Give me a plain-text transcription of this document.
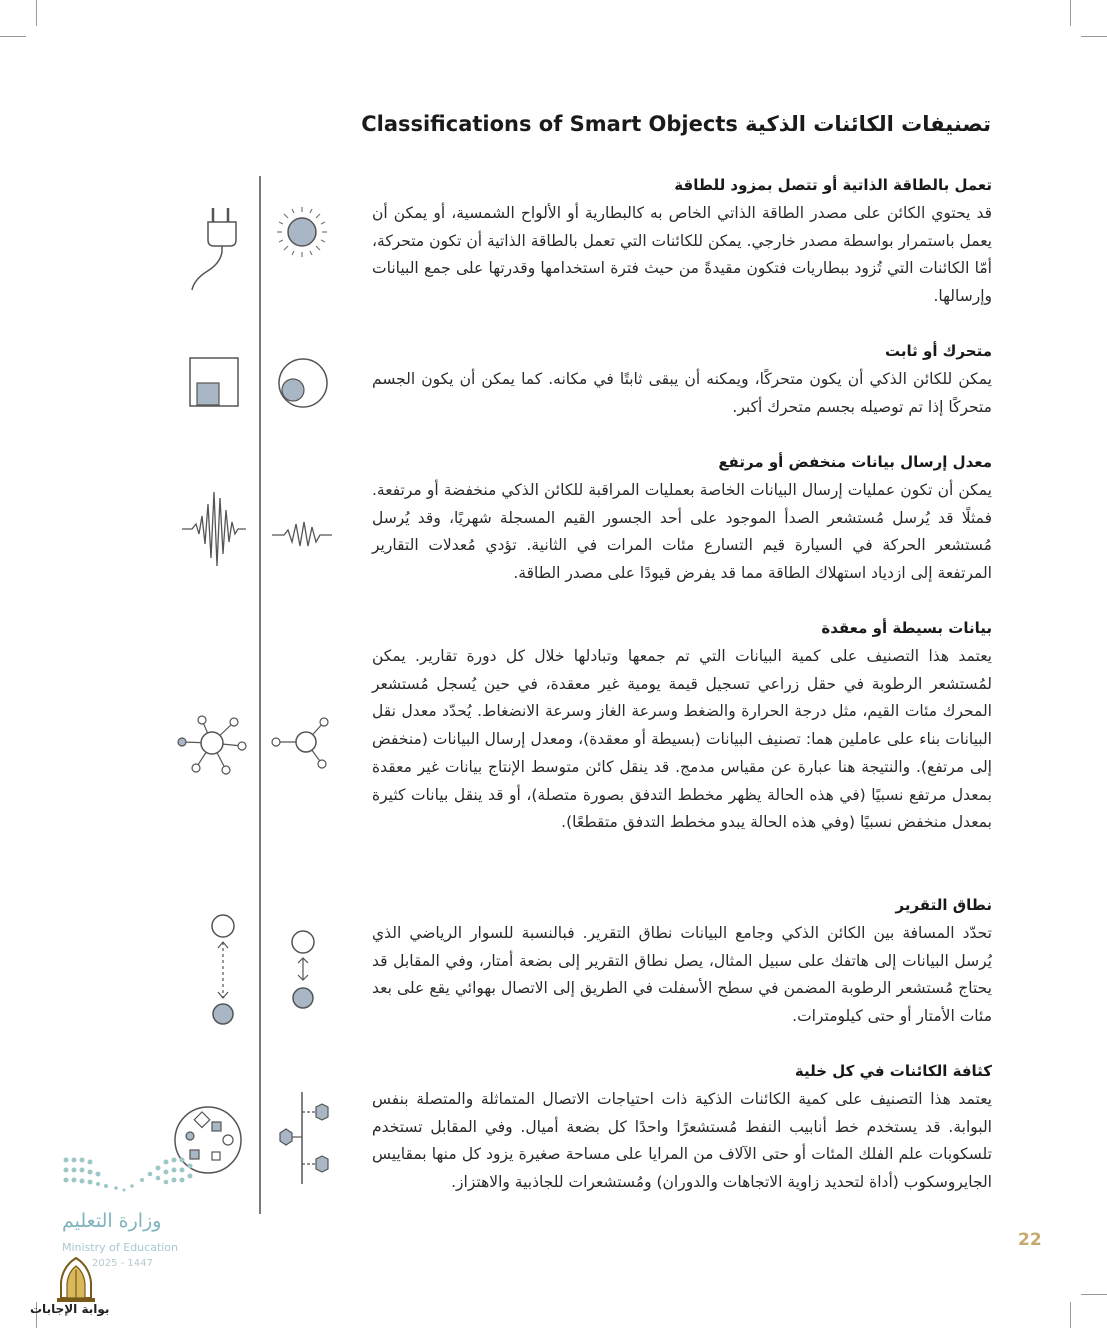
تصنيفات الكائنات الذكية Classifications of Smart Objects
تعمل بالطاقة الذاتية أو تتصل بمزود للطاقة

قد يحتوي الكائن على مصدر الطاقة الذاتي الخاص به كالبطارية أو الألواح الشمسية، أو يمكن أن يعمل باستمرار بواسطة مصدر خارجي. يمكن للكائنات التي تعمل بالطاقة الذاتية أن تكون متحركة، أمّا الكائنات التي تُزود ببطاريات فتكون مقيدةً من حيث فترة استخدامها وقدرتها على جمع البيانات وإرسالها.

متحرك أو ثابت

يمكن للكائن الذكي أن يكون متحركًا، ويمكنه أن يبقى ثابتًا في مكانه. كما يمكن أن يكون الجسم متحركًا إذا تم توصيله بجسم متحرك أكبر.

معدل إرسال بيانات منخفض أو مرتفع

يمكن أن تكون عمليات إرسال البيانات الخاصة بعمليات المراقبة للكائن الذكي منخفضة أو مرتفعة. فمثلًا قد يُرسل مُستشعر الصدأ الموجود على أحد الجسور القيم المسجلة شهريًا، وقد يُرسل مُستشعر الحركة في السيارة قيم التسارع مئات المرات في الثانية. تؤدي مُعدلات التقارير المرتفعة إلى ازدياد استهلاك الطاقة مما قد يفرض قيودًا على مصدر الطاقة.

بيانات بسيطة أو معقدة

يعتمد هذا التصنيف على كمية البيانات التي تم جمعها وتبادلها خلال كل دورة تقارير. يمكن لمُستشعر الرطوبة في حقل زراعي تسجيل قيمة يومية غير معقدة، في حين يُسجل مُستشعر المحرك مئات القيم، مثل درجة الحرارة والضغط وسرعة الغاز وسرعة الانضغاط. يُحدّد معدل نقل البيانات بناء على عاملين هما: تصنيف البيانات (بسيطة أو معقدة)، ومعدل إرسال البيانات (منخفض إلى مرتفع). والنتيجة هنا عبارة عن مقياس مدمج. قد ينقل كائن متوسط الإنتاج بيانات غير معقدة بمعدل مرتفع نسبيًا (في هذه الحالة يظهر مخطط التدفق بصورة متصلة)، أو قد ينقل بيانات كثيرة بمعدل منخفض نسبيًا (وفي هذه الحالة يبدو مخطط التدفق متقطعًا).

نطاق التقرير

تحدّد المسافة بين الكائن الذكي وجامع البيانات نطاق التقرير. فبالنسبة للسوار الرياضي الذي يُرسل البيانات إلى هاتفك على سبيل المثال، يصل نطاق التقرير إلى بضعة أمتار، وفي المقابل قد يحتاج مُستشعر الرطوبة المضمن في سطح الأسفلت في الطريق إلى الاتصال بهوائي يقع على بعد مئات الأمتار أو حتى كيلومترات.

كثافة الكائنات في كل خلية

يعتمد هذا التصنيف على كمية الكائنات الذكية ذات احتياجات الاتصال المتماثلة والمتصلة بنفس البوابة. قد يستخدم خط أنابيب النفط مُستشعرًا واحدًا كل بضعة أميال. وفي المقابل تستخدم تلسكوبات علم الفلك المئات أو حتى الآلاف من المرايا على مساحة صغيرة يزود كل منها بمقاييس الجايروسكوب (أداة لتحديد زاوية الاتجاهات والدوران) ومُستشعرات للجاذبية والاهتزاز.

وزارة التعليم
Ministry of Education
2025 - 1447
بوابة الإجابات
22
